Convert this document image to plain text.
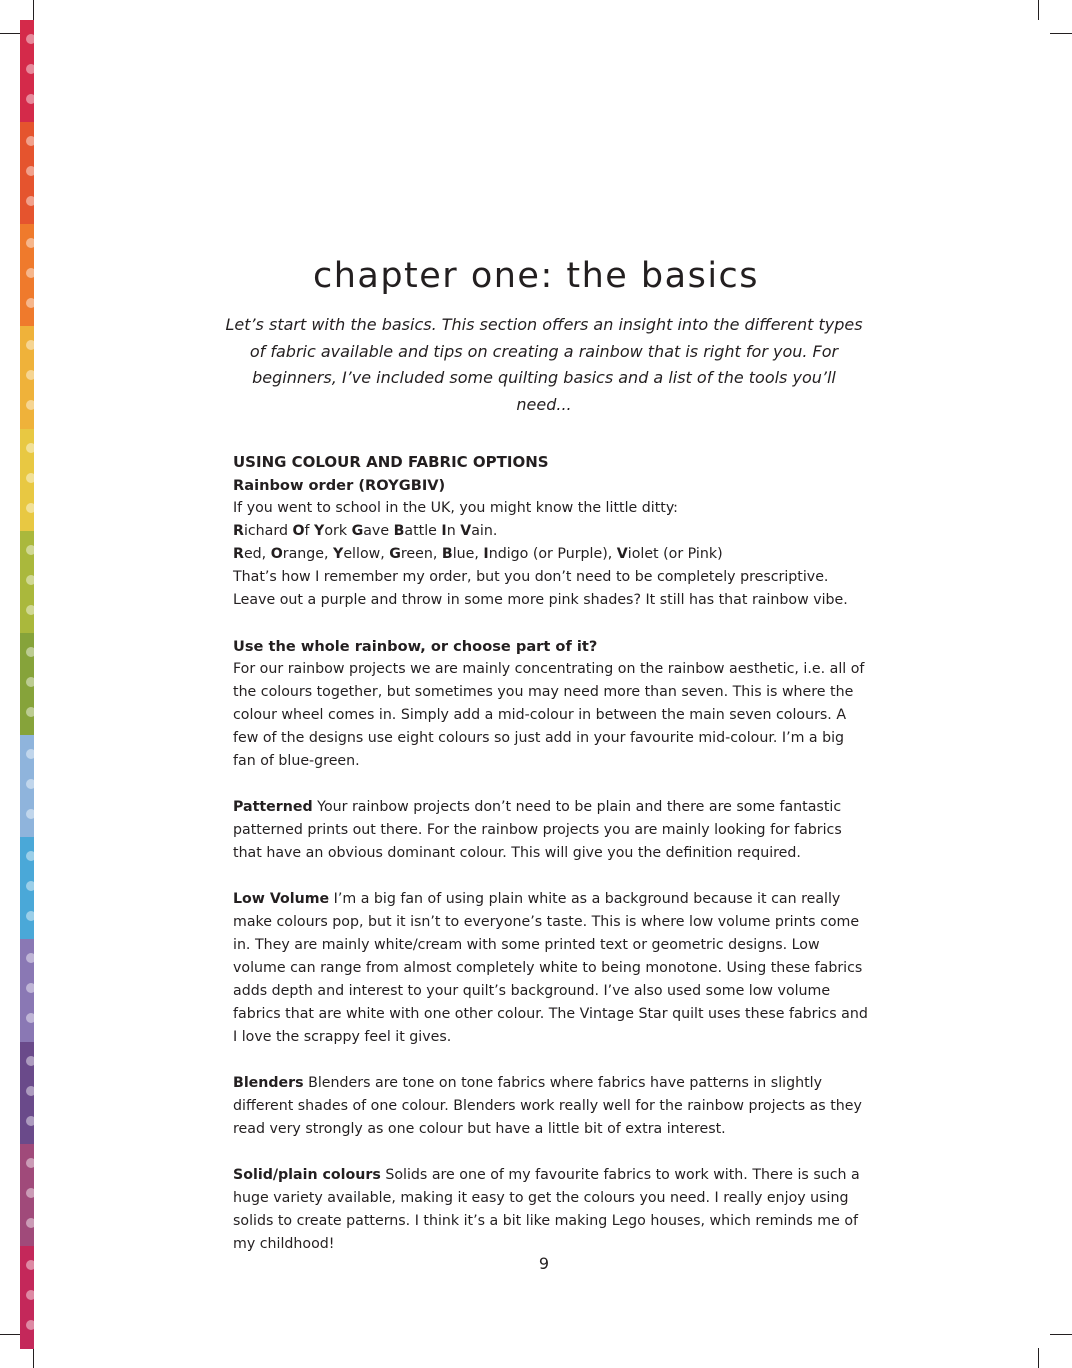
chapter one: the basics

Let’s start with the basics. This section offers an insight into the different types of fabric available and tips on creating a rainbow that is right for you. For beginners, I’ve included some quilting basics and a list of the tools you’ll need...

USING COLOUR AND FABRIC OPTIONS

Rainbow order (ROYGBIV)

If you went to school in the UK, you might know the little ditty:

Richard Of York Gave Battle In Vain.

Red, Orange, Yellow, Green, Blue, Indigo (or Purple), Violet (or Pink)

That’s how I remember my order, but you don’t need to be completely prescriptive. Leave out a purple and throw in some more pink shades? It still has that rainbow vibe.

Use the whole rainbow, or choose part of it?

For our rainbow projects we are mainly concentrating on the rainbow aesthetic, i.e. all of the colours together, but sometimes you may need more than seven. This is where the colour wheel comes in. Simply add a mid-colour in between the main seven colours. A few of the designs use eight colours so just add in your favourite mid-colour. I’m a big fan of blue-green.

Patterned Your rainbow projects don’t need to be plain and there are some fantastic patterned prints out there. For the rainbow projects you are mainly looking for fabrics that have an obvious dominant colour. This will give you the definition required.

Low Volume I’m a big fan of using plain white as a background because it can really make colours pop, but it isn’t to everyone’s taste. This is where low volume prints come in. They are mainly white/cream with some printed text or geometric designs. Low volume can range from almost completely white to being monotone. Using these fabrics adds depth and interest to your quilt’s background. I’ve also used some low volume fabrics that are white with one other colour. The Vintage Star quilt uses these fabrics and I love the scrappy feel it gives.

Blenders Blenders are tone on tone fabrics where fabrics have patterns in slightly different shades of one colour. Blenders work really well for the rainbow projects as they read very strongly as one colour but have a little bit of extra interest.

Solid/plain colours Solids are one of my favourite fabrics to work with. There is such a huge variety available, making it easy to get the colours you need. I really enjoy using solids to create patterns. I think it’s a bit like making Lego houses, which reminds me of my childhood!

9
